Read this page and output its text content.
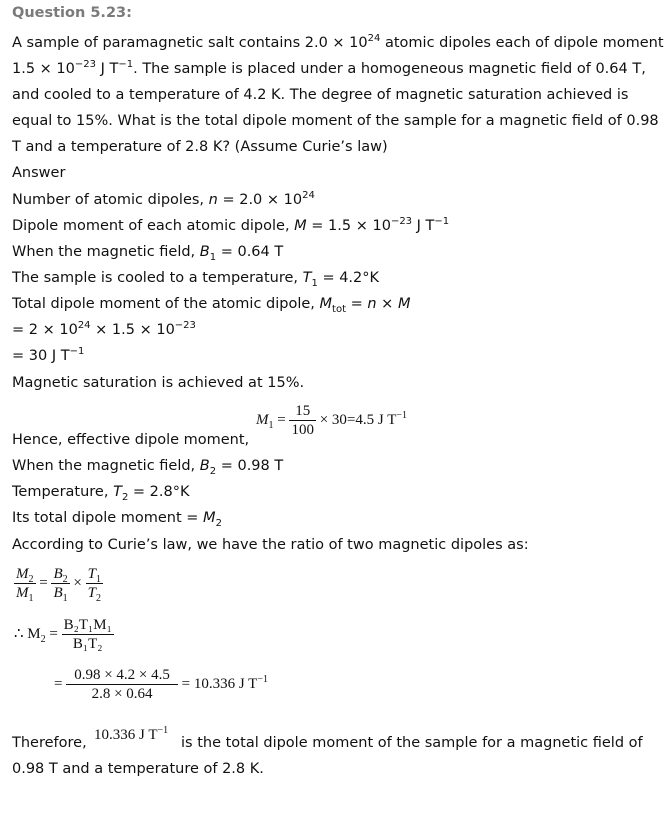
Question 5.23:
A sample of paramagnetic salt contains $2.0 \times 10^{24}$ atomic dipoles each of dipole moment
$1.5 \times 10^{-23}$ J $T^{-1}$. The sample is placed under a homogeneous magnetic field of 0.64 T,
and cooled to a temperature of 4.2 K. The degree of magnetic saturation achieved is
equal to 15%. What is the total dipole moment of the sample for a magnetic field of 0.98
T and a temperature of 2.8 K? (Assume Curie’s law)
Answer
Number of atomic dipoles, $n = 2.0 \times 10^{24}$
Dipole moment of each atomic dipole, $M = 1.5 \times 10^{-23}$ J $T^{-1}$
When the magnetic field, $B_1 = 0.64$ T
The sample is cooled to a temperature, $T_1 = 4.2^\circ K$
Total dipole moment of the atomic dipole, $M_{tot} = n \times M$
= $2 \times 10^{24} \times 1.5 \times 10^{-23}$
= 30 J $T^{-1}$
Magnetic saturation is achieved at 15%.
$M_1 = \frac{15}{100} \times 30=4.5$ J $T^{-1}$
Hence, effective dipole moment,
When the magnetic field, $B_2 = 0.98$ T
Temperature, $T_2 = 2.8^\circ K$
Its total dipole moment = $M_2$
According to Curie’s law, we have the ratio of two magnetic dipoles as:
$\frac{M_2}{M_1} = \frac{B_2}{B_1} \times \frac{T_1}{T_2}$
∴ $M_2 = \frac{\text{B₂T₁M₁}}{\text{B₁T₂}}$
= $\frac{0.98 \times 4.2 \times 4.5}{2.8 \times 0.64} = 10.336$ J $T^{-1}$
Therefore, 10.336 J $T^{-1}$
is the total dipole moment of the sample for a magnetic field of
0.98 T and a temperature of 2.8 K.
